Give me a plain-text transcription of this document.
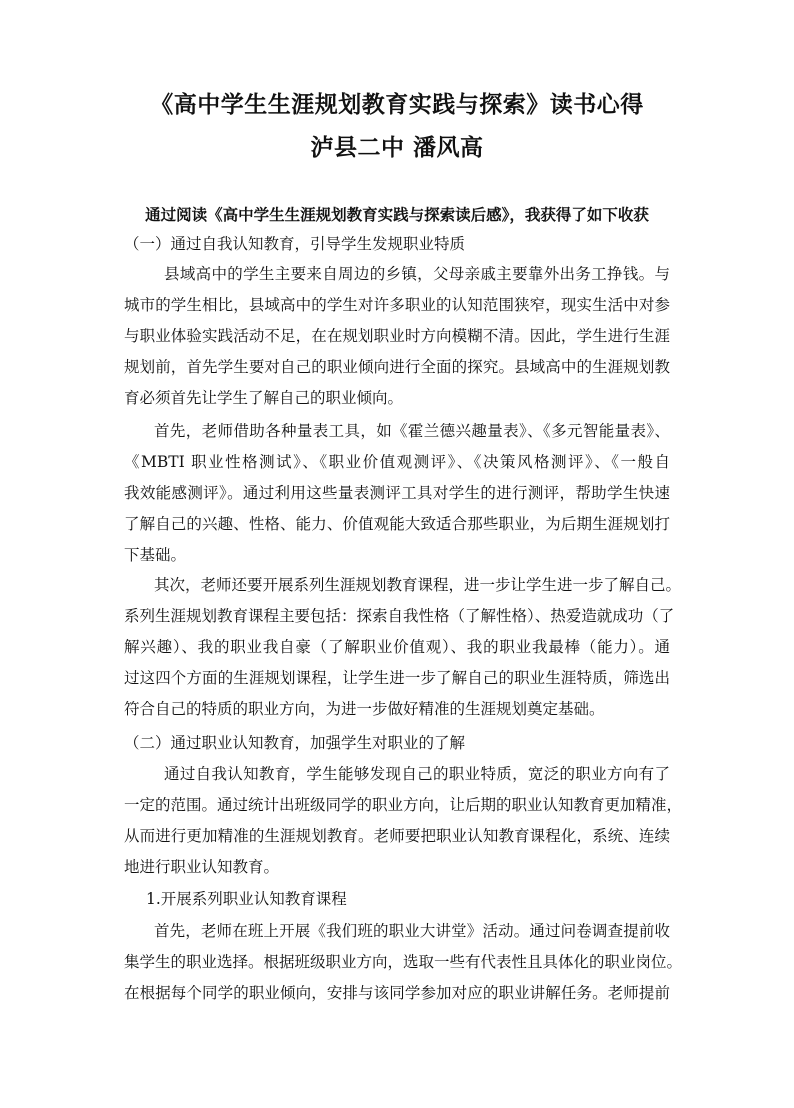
《高中学生生涯规划教育实践与探索》读书心得
泸县二中 潘风高
通过阅读《高中学生生涯规划教育实践与探索读后感》，我获得了如下收获
（一）通过自我认知教育，引导学生发规职业特质
县域高中的学生主要来自周边的乡镇，父母亲戚主要靠外出务工挣钱。与
城市的学生相比，县域高中的学生对许多职业的认知范围狭窄，现实生活中对参
与职业体验实践活动不足，在在规划职业时方向模糊不清。因此，学生进行生涯
规划前，首先学生要对自己的职业倾向进行全面的探究。县域高中的生涯规划教
育必须首先让学生了解自己的职业倾向。
首先，老师借助各种量表工具，如《霍兰德兴趣量表》、《多元智能量表》、
《MBTI 职业性格测试》、《职业价值观测评》、《决策风格测评》、《一般自
我效能感测评》。通过利用这些量表测评工具对学生的进行测评，帮助学生快速
了解自己的兴趣、性格、能力、价值观能大致适合那些职业，为后期生涯规划打
下基础。
其次，老师还要开展系列生涯规划教育课程，进一步让学生进一步了解自己。
系列生涯规划教育课程主要包括：探索自我性格（了解性格）、热爱造就成功（了
解兴趣）、我的职业我自豪（了解职业价值观）、我的职业我最棒（能力）。通
过这四个方面的生涯规划课程，让学生进一步了解自己的职业生涯特质，筛选出
符合自己的特质的职业方向，为进一步做好精准的生涯规划奠定基础。
（二）通过职业认知教育，加强学生对职业的了解
通过自我认知教育，学生能够发现自己的职业特质，宽泛的职业方向有了
一定的范围。通过统计出班级同学的职业方向，让后期的职业认知教育更加精准，
从而进行更加精准的生涯规划教育。老师要把职业认知教育课程化，系统、连续
地进行职业认知教育。
1.开展系列职业认知教育课程
首先，老师在班上开展《我们班的职业大讲堂》活动。通过问卷调查提前收
集学生的职业选择。根据班级职业方向，选取一些有代表性且具体化的职业岗位。
在根据每个同学的职业倾向，安排与该同学参加对应的职业讲解任务。老师提前
